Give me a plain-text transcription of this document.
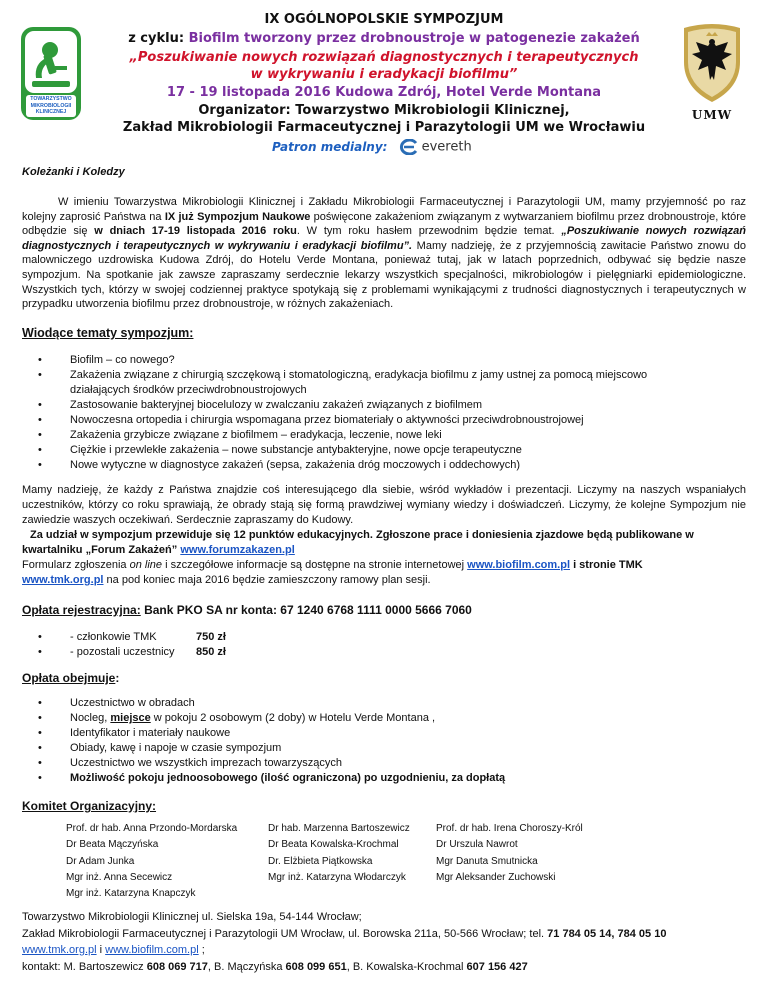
TOWARZYSTWO MIKROBIOLOGII KLINICZNEJ	UMW
IX OGÓLNOPOLSKIE SYMPOZJUM
z cyklu: Biofilm tworzony przez drobnoustroje w patogenezie zakażeń
„Poszukiwanie nowych rozwiązań diagnostycznych i terapeutycznych
w wykrywaniu i eradykacji biofilmu”
17 - 19 listopada 2016 Kudowa Zdrój, Hotel Verde Montana
Organizator: Towarzystwo Mikrobiologii Klinicznej,
Zakład Mikrobiologii Farmaceutycznej i Parazytologii UM we Wrocławiu
Patron medialny:	evereth
Koleżanki i Koledzy
W imieniu Towarzystwa Mikrobiologii Klinicznej i Zakładu Mikrobiologii Farmaceutycznej i Parazytologii UM, mamy przyjemność po raz kolejny zaprosić Państwa na IX już Sympozjum Naukowe poświęcone zakażeniom związanym z wytwarzaniem biofilmu przez drobnoustroje, które odbędzie się w dniach 17-19 listopada 2016 roku. W tym roku hasłem przewodnim będzie temat. „Poszukiwanie nowych rozwiązań diagnostycznych i terapeutycznych w wykrywaniu i eradykacji biofilmu”. Mamy nadzieję, że z przyjemnością zawitacie Państwo znowu do malowniczego uzdrowiska Kudowa Zdrój, do Hotelu Verde Montana, ponieważ tutaj, jak w latach poprzednich, odbywać się będzie nasze sympozjum. Na spotkanie jak zawsze zapraszamy serdecznie lekarzy wszystkich specjalności, mikrobiologów i pielęgniarki epidemiologiczne. Wszystkich tych, którzy w swojej codziennej praktyce spotykają się z problemami wynikającymi z trudności diagnostycznych i terapeutycznych w przypadku utworzenia biofilmu przez drobnoustroje, w różnych zakażeniach.
Wiodące tematy sympozjum:
• Biofilm – co nowego?
• Zakażenia związane z chirurgią szczękową i stomatologiczną, eradykacja biofilmu z jamy ustnej za pomocą miejscowo działających środków przeciwdrobnoustrojowych
• Zastosowanie bakteryjnej biocelulozy w zwalczaniu zakażeń związanych z biofilmem
• Nowoczesna ortopedia i chirurgia wspomagana przez biomateriały o aktywności przeciwdrobnoustrojowej
• Zakażenia grzybicze związane z biofilmem – eradykacja, leczenie, nowe leki
• Ciężkie i przewlekłe zakażenia – nowe substancje antybakteryjne, nowe opcje terapeutyczne
• Nowe wytyczne w diagnostyce zakażeń (sepsa, zakażenia dróg moczowych i oddechowych)
Mamy nadzieję, że każdy z Państwa znajdzie coś interesującego dla siebie, wśród wykładów i prezentacji. Liczymy na naszych wspaniałych uczestników, którzy co roku sprawiają, że obrady stają się formą prawdziwej wymiany wiedzy i doświadczeń. Liczymy, że kolejne Sympozjum nie zawiedzie waszych oczekiwań. Serdecznie zapraszamy do Kudowy.
Za udział w sympozjum przewiduje się 12 punktów edukacyjnych. Zgłoszone prace i doniesienia zjazdowe będą publikowane w kwartalniku „Forum Zakażeń” www.forumzakazen.pl
Formularz zgłoszenia on line i szczegółowe informacje są dostępne na stronie internetowej www.biofilm.com.pl i stronie TMK
www.tmk.org.pl na pod koniec maja 2016 będzie zamieszczony ramowy plan sesji.
Opłata rejestracyjna: Bank PKO SA nr konta: 67 1240 6768 1111 0000 5666 7060
• - członkowie TMK	750 zł
• - pozostali uczestnicy 850 zł
Opłata obejmuje:
• Uczestnictwo w obradach
• Nocleg, miejsce w pokoju 2 osobowym (2 doby) w Hotelu Verde Montana ,
• Identyfikator i materiały naukowe
• Obiady, kawę i napoje w czasie sympozjum
• Uczestnictwo we wszystkich imprezach towarzyszących
• Możliwość pokoju jednoosobowego (ilość ograniczona) po uzgodnieniu, za dopłatą
Komitet Organizacyjny:
Prof. dr hab. Anna Przondo-Mordarska
Dr Beata Mączyńska
Dr Adam Junka
Mgr inż. Anna Secewicz
Mgr inż. Katarzyna Knapczyk
Dr hab. Marzenna Bartoszewicz
Dr Beata Kowalska-Krochmal
Dr. Elżbieta Piątkowska
Mgr inż. Katarzyna Włodarczyk
Prof. dr hab. Irena Choroszy-Król
Dr Urszula Nawrot
Mgr Danuta Smutnicka
Mgr Aleksander Zuchowski
Towarzystwo Mikrobiologii Klinicznej ul. Sielska 19a, 54-144 Wrocław;
Zakład Mikrobiologii Farmaceutycznej i Parazytologii UM Wrocław, ul. Borowska 211a, 50-566 Wrocław; tel. 71 784 05 14, 784 05 10
www.tmk.org.pl i www.biofilm.com.pl ;
kontakt: M. Bartoszewicz 608 069 717, B. Mączyńska 608 099 651, B. Kowalska-Krochmal 607 156 427
